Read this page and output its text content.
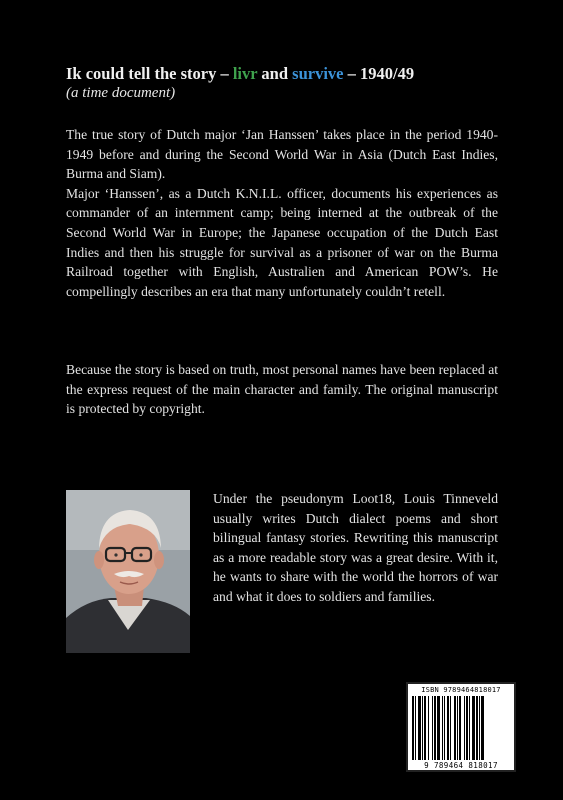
Ik could tell the story – livr and survive – 1940/49
(a time document)
The true story of Dutch major ‘Jan Hanssen’ takes place in the period 1940-1949 before and during the Second World War in Asia (Dutch East Indies, Burma and Siam).
Major ‘Hanssen’, as a Dutch K.N.I.L. officer, documents his experiences as commander of an internment camp; being interned at the outbreak of the Second World War in Europe; the Japanese occupation of the Dutch East Indies and then his struggle for survival as a prisoner of war on the Burma Railroad together with English, Australien and American POW’s. He compellingly describes an era that many unfortunately couldn’t retell.

Because the story is based on truth, most personal names have been replaced at the express request of the main character and family. The original manuscript is protected by copyright.

Under the pseudonym Loot18, Louis Tinneveld usually writes Dutch dialect poems and short bilingual fantasy stories. Rewriting this manuscript as a more readable story was a great desire. With it, he wants to share with the world the horrors of war and what it does to soldiers and families.

ISBN 9789464818017
9 789464 818017
